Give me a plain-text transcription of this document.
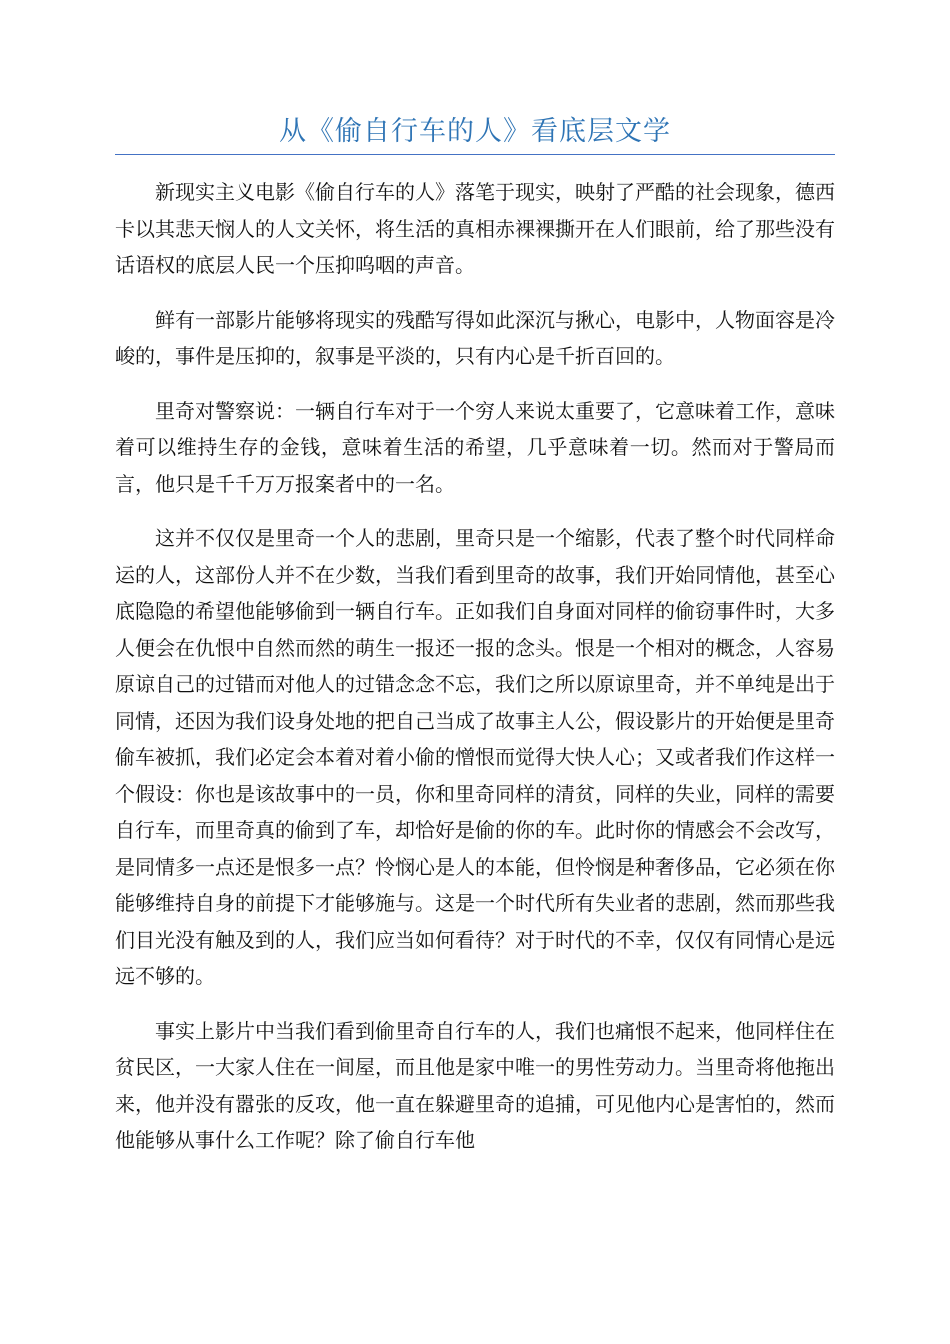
从《偷自行车的人》看底层文学

新现实主义电影《偷自行车的人》落笔于现实，映射了严酷的社会现象，德西卡以其悲天悯人的人文关怀，将生活的真相赤裸裸撕开在人们眼前，给了那些没有话语权的底层人民一个压抑呜咽的声音。

鲜有一部影片能够将现实的残酷写得如此深沉与揪心，电影中，人物面容是冷峻的，事件是压抑的，叙事是平淡的，只有内心是千折百回的。

里奇对警察说：一辆自行车对于一个穷人来说太重要了，它意味着工作，意味着可以维持生存的金钱，意味着生活的希望，几乎意味着一切。然而对于警局而言，他只是千千万万报案者中的一名。

这并不仅仅是里奇一个人的悲剧，里奇只是一个缩影，代表了整个时代同样命运的人，这部份人并不在少数，当我们看到里奇的故事，我们开始同情他，甚至心底隐隐的希望他能够偷到一辆自行车。正如我们自身面对同样的偷窃事件时，大多人便会在仇恨中自然而然的萌生一报还一报的念头。恨是一个相对的概念，人容易原谅自己的过错而对他人的过错念念不忘，我们之所以原谅里奇，并不单纯是出于同情，还因为我们设身处地的把自己当成了故事主人公，假设影片的开始便是里奇偷车被抓，我们必定会本着对着小偷的憎恨而觉得大快人心；又或者我们作这样一个假设：你也是该故事中的一员，你和里奇同样的清贫，同样的失业，同样的需要自行车，而里奇真的偷到了车，却恰好是偷的你的车。此时你的情感会不会改写，是同情多一点还是恨多一点？怜悯心是人的本能，但怜悯是种奢侈品，它必须在你能够维持自身的前提下才能够施与。这是一个时代所有失业者的悲剧，然而那些我们目光没有触及到的人，我们应当如何看待？对于时代的不幸，仅仅有同情心是远远不够的。

事实上影片中当我们看到偷里奇自行车的人，我们也痛恨不起来，他同样住在贫民区，一大家人住在一间屋，而且他是家中唯一的男性劳动力。当里奇将他拖出来，他并没有嚣张的反攻，他一直在躲避里奇的追捕，可见他内心是害怕的，然而他能够从事什么工作呢？除了偷自行车他
